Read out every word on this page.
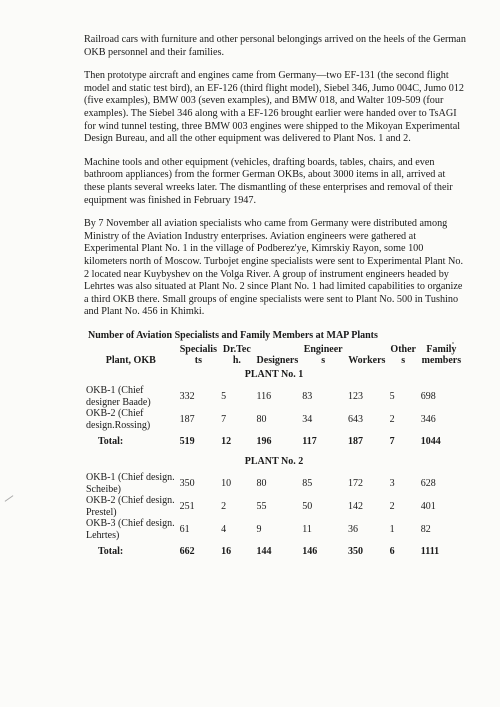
Railroad cars with furniture and other personal belongings arrived on the heels of the German OKB personnel and their families.

Then prototype aircraft and engines came from Germany—two EF-131 (the second flight model and static test bird), an EF-126 (third flight model), Siebel 346, Jumo 004C, Jumo 012 (five examples), BMW 003 (seven examples), and BMW 018, and Walter 109-509 (four examples). The Siebel 346 along with a EF-126 brought earlier were handed over to TsAGI for wind tunnel testing, three BMW 003 engines were shipped to the Mikoyan Experimental Design Bureau, and all the other equipment was delivered to Plant Nos. 1 and 2.

Machine tools and other equipment (vehicles, drafting boards, tables, chairs, and even bathroom appliances) from the former German OKBs, about 3000 items in all, arrived at these plants several wreeks later. The dismantling of these enterprises and removal of their equipment was finished in February 1947.

By 7 November all aviation specialists who came from Germany were distributed among Ministry of the Aviation Industry enterprises. Aviation engineers were gathered at Experimental Plant No. 1 in the village of Podberez'ye, Kimrskiy Rayon, some 100 kilometers north of Moscow. Turbojet engine specialists were sent to Experimental Plant No. 2 located near Kuybyshev on the Volga River. A group of instrument engineers headed by Lehrtes was also situated at Plant No. 2 since Plant No. 1 had limited capabilities to organize a third OKB there. Small groups of engine specialists were sent to Plant No. 500 in Tushino and Plant No. 456 in Khimki.

Number of Aviation Specialists and Family Members at MAP Plants
Plant, OKB	Specialists	Dr.Tech.	Designers	Engineers	Workers	Others	Family members
PLANT No. 1							
OKB-1 (Chief designer Baade)	332	5	116	83	123	5	698
OKB-2 (Chief design.Rossing)	187	7	80	34	643	2	346
Total:	519	12	196	117	187	7	1044
PLANT No. 2							
OKB-1 (Chief design. Scheibe)	350	10	80	85	172	3	628
OKB-2 (Chief design. Prestel)	251	2	55	50	142	2	401
OKB-3 (Chief design. Lehrtes)	61	4	9	11	36	1	82
Total:	662	16	144	146	350	6	1111
